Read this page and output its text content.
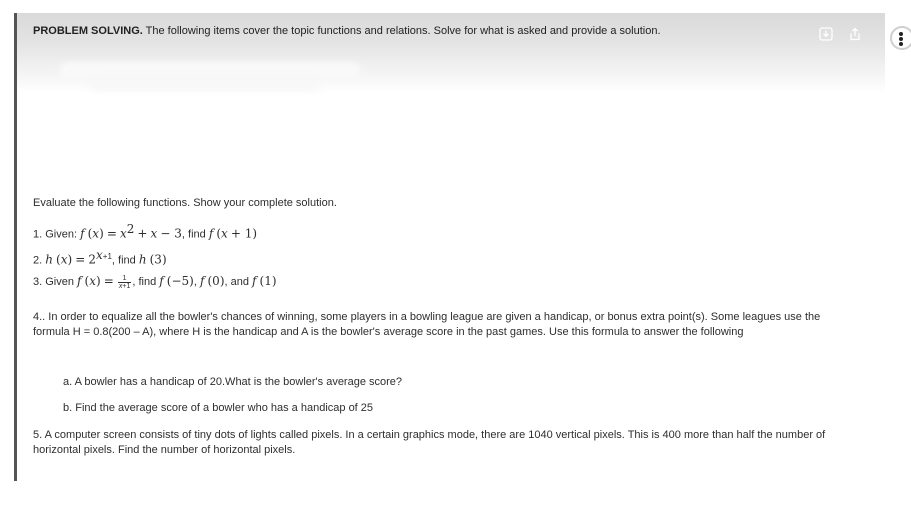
PROBLEM SOLVING. The following items cover the topic functions and relations. Solve for what is asked and provide a solution.
Evaluate the following functions. Show your complete solution.
1. Given: f $(x) = x^2 + x - 3$, find f (x + 1)
2. h $(x) = 2^{x+1}$, find h (3)
3. Given f $(x) = \frac{1}{x+1}$ , find f (−5), f (0), and f (1)
4.. In order to equalize all the bowler's chances of winning, some players in a bowling league are given a handicap, or bonus extra point(s). Some leagues use the formula H = 0.8(200 – A), where H is the handicap and A is the bowler's average score in the past games. Use this formula to answer the following
a. A bowler has a handicap of 20.What is the bowler's average score?
b. Find the average score of a bowler who has a handicap of 25
5. A computer screen consists of tiny dots of lights called pixels. In a certain graphics mode, there are 1040 vertical pixels. This is 400 more than half the number of horizontal pixels. Find the number of horizontal pixels.
